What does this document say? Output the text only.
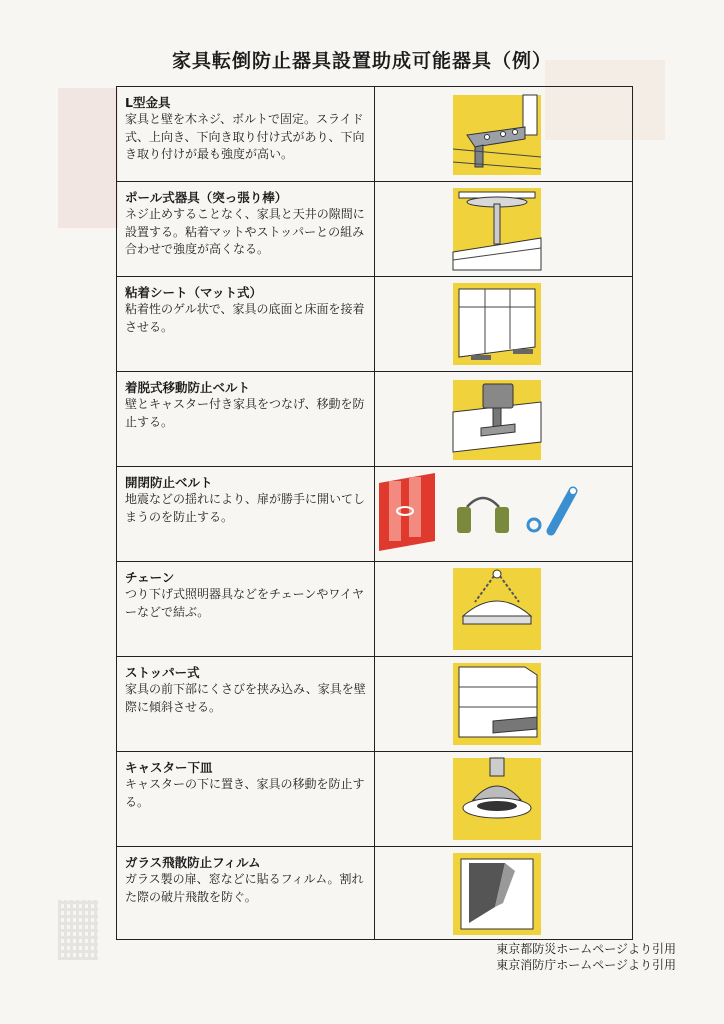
家具転倒防止器具設置助成可能器具（例）
L型金具
家具と壁を木ネジ、ボルトで固定。スライド式、上向き、下向き取り付け式があり、下向き取り付けが最も強度が高い。

ポール式器具（突っ張り棒）
ネジ止めすることなく、家具と天井の隙間に設置する。粘着マットやストッパーとの組み合わせで強度が高くなる。

粘着シート（マット式）
粘着性のゲル状で、家具の底面と床面を接着させる。

着脱式移動防止ベルト
壁とキャスター付き家具をつなげ、移動を防止する。

開閉防止ベルト
地震などの揺れにより、扉が勝手に開いてしまうのを防止する。

チェーン
つり下げ式照明器具などをチェーンやワイヤーなどで結ぶ。

ストッパー式
家具の前下部にくさびを挟み込み、家具を壁際に傾斜させる。

キャスター下皿
キャスターの下に置き、家具の移動を防止する。

ガラス飛散防止フィルム
ガラス製の扉、窓などに貼るフィルム。割れた際の破片飛散を防ぐ。

東京都防災ホームページより引用
東京消防庁ホームページより引用
